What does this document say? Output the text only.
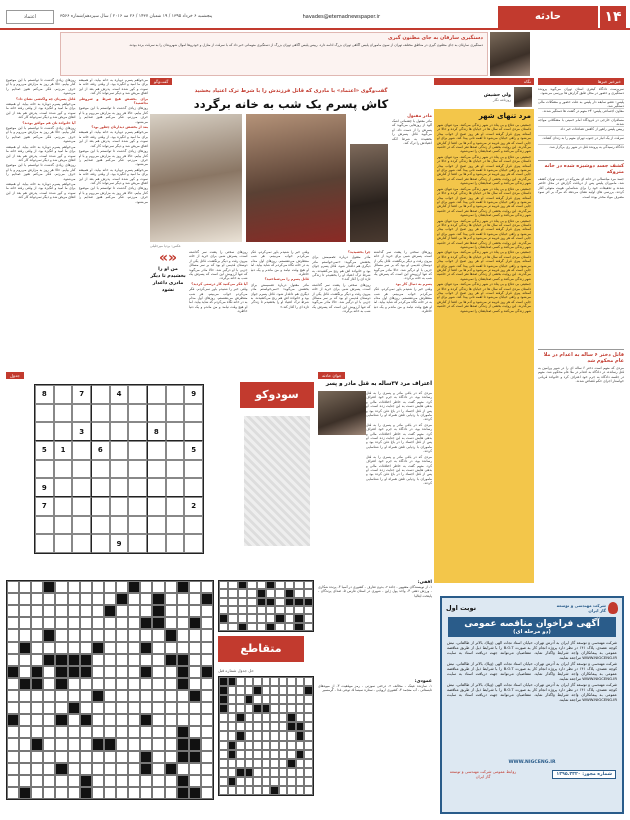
۱۴
حادثه
havades@etemadnewspaper.ir
پنجشنبه ۶ خرداد ۱۳۹۵ / ۱۹ شعبان ۱۴۳۷ / ۲۶ مه ۲۰۱۶ / سال سیزدهم/شماره ۳۵۶۶
اعتماد
دستگیری سارقان به جای مظنون گیری
دستگیری سارقان به جای مظنون گیری در مناطق مختلف تهران از سوی ماموران پلیس آگاهی تهران بزرگ ادامه دارد. رییس پلیس آگاهی تهران بزرگ از دستگیری متهمانی خبر داد که با سرقت از منازل و خودروها اموال شهروندان را به سرقت برده بودند.
خبرخبر خبرها
سرپرست دادگاه کیفری استان تهران می‌گوید پرونده دستگیری و حضور در محل طبق گزارش ها بررسی می‌شود.
پلیس: عضو سابقه دار پلیس به علت حضور و مشکلات مالی دستگیر شد.
معاون اجتماعی پلیس: ۲۴ متهم در گشت ها دستگیر شدند.
مسافران خارجی در فرودگاه امام خمینی با مشکلاتی مواجه شدند.
رییس پلیس راهور از کاهش تصادفات خبر داد.
سرقت از یک انبار در جنوب تهران متهم را به زندان کشاند.
دادگاه رسیدگی به پرونده قتل در شهر ری برگزار شد.
کشف جسد دوشیزه شده در خانه متروکه
جسد مرد میانسالی در خانه ای متروکه در جنوب تهران کشف شد. ماموران پلیس پس از دریافت گزارش در محل حاضر شدند و تحقیقات خود را برای شناسایی هویت متوفی آغاز کردند. بررسی های اولیه نشان می‌دهد که مرگ بر اثر سوء مصرف مواد مخدر بوده است.
قاتل دختر ۶ ساله به اعدام در ملا عام محکوم شد
مردی که متهم است دختر ۶ ساله ای را در شهر ورامین به قتل رسانده، در دادگاه به اعدام در ملا عام محکوم شد. متهم در جلسه دادگاه به جرم خود اعتراف کرد و خانواده قربانی خواستار اجرای حکم قصاص شدند.
نگاه
ولی حشیش
روزنامه نگار
مرد تنهای شهر

جمعیتی بی دفاع و بی پناه در شهر زندگی می‌کنند. مرد تنهای شهر داستان مردی است که سال ها در خیابان ها زندگی کرده و حالا در آستانه پیری قرار گرفته است. او هر روز صبح از خواب بیدار می‌شود و راهی خیابان می‌شود تا لقمه نانی پیدا کند. شهر برای او جایی است که هر روز غریبه تر می‌شود و آدم ها بی اعتنا از کنارش می‌گذرند. این روایت بخشی از زندگی صدها نفر است که در حاشیه شهر زندگی می‌کنند و کسی صدایشان را نمی‌شنود.

جمعیتی بی دفاع و بی پناه در شهر زندگی می‌کنند. مرد تنهای شهر داستان مردی است که سال ها در خیابان ها زندگی کرده و حالا در آستانه پیری قرار گرفته است. او هر روز صبح از خواب بیدار می‌شود و راهی خیابان می‌شود تا لقمه نانی پیدا کند. شهر برای او جایی است که هر روز غریبه تر می‌شود و آدم ها بی اعتنا از کنارش می‌گذرند. این روایت بخشی از زندگی صدها نفر است که در حاشیه شهر زندگی می‌کنند و کسی صدایشان را نمی‌شنود.

جمعیتی بی دفاع و بی پناه در شهر زندگی می‌کنند. مرد تنهای شهر داستان مردی است که سال ها در خیابان ها زندگی کرده و حالا در آستانه پیری قرار گرفته است. او هر روز صبح از خواب بیدار می‌شود و راهی خیابان می‌شود تا لقمه نانی پیدا کند. شهر برای او جایی است که هر روز غریبه تر می‌شود و آدم ها بی اعتنا از کنارش می‌گذرند. این روایت بخشی از زندگی صدها نفر است که در حاشیه شهر زندگی می‌کنند و کسی صدایشان را نمی‌شنود.

جمعیتی بی دفاع و بی پناه در شهر زندگی می‌کنند. مرد تنهای شهر داستان مردی است که سال ها در خیابان ها زندگی کرده و حالا در آستانه پیری قرار گرفته است. او هر روز صبح از خواب بیدار می‌شود و راهی خیابان می‌شود تا لقمه نانی پیدا کند. شهر برای او جایی است که هر روز غریبه تر می‌شود و آدم ها بی اعتنا از کنارش می‌گذرند. این روایت بخشی از زندگی صدها نفر است که در حاشیه شهر زندگی می‌کنند و کسی صدایشان را نمی‌شنود.

جمعیتی بی دفاع و بی پناه در شهر زندگی می‌کنند. مرد تنهای شهر داستان مردی است که سال ها در خیابان ها زندگی کرده و حالا در آستانه پیری قرار گرفته است. او هر روز صبح از خواب بیدار می‌شود و راهی خیابان می‌شود تا لقمه نانی پیدا کند. شهر برای او جایی است که هر روز غریبه تر می‌شود و آدم ها بی اعتنا از کنارش می‌گذرند. این روایت بخشی از زندگی صدها نفر است که در حاشیه شهر زندگی می‌کنند و کسی صدایشان را نمی‌شنود.

جمعیتی بی دفاع و بی پناه در شهر زندگی می‌کنند. مرد تنهای شهر داستان مردی است که سال ها در خیابان ها زندگی کرده و حالا در آستانه پیری قرار گرفته است. او هر روز صبح از خواب بیدار می‌شود و راهی خیابان می‌شود تا لقمه نانی پیدا کند. شهر برای او جایی است که هر روز غریبه تر می‌شود و آدم ها بی اعتنا از کنارش می‌گذرند. این روایت بخشی از زندگی صدها نفر است که در حاشیه شهر زندگی می‌کنند و کسی صدایشان را نمی‌شنود.

گفت‌وگو
گفت‌وگوی «اعتماد» با مادری که قاتل فرزندش را با شرط ترک اعتیاد بخشید
کاش پسرم یک شب به خانه برگردد
مادر مقتول
مادر مقتول با چشمانی اشک آلود از روزهایی می‌گوید که پسرش را از دست داد. او می‌گوید قاتل پسرش را بخشیده به شرط آنکه اعتیادش را ترک کند.
عکس: بردیا میرجلیلی

روزهای سختی را پشت سر گذاشته است. پسرش شبی برای خرید از خانه بیرون رفت و دیگر برنگشت. قاتل یکی از دوستان قدیمی او بود که بر سر مسائل جزیی با او درگیر شد. حالا مادر می‌گوید که تنها آرزویش این است که پسرش یک شب به خانه برگردد.

پسرم به دنبال کار بود

وقتی خبر را شنیدم باور نمی‌کردم. فکر می‌کردم خواب می‌بینم. هر شب منتظرش می‌نشستم. روزهای اول مدام به در خانه نگاه می‌کردم که شاید بیاید. اما او هیچ وقت نیامد و من ماندم و یک دنیا خاطره.

چرا بخشیدید؟

مادر مقتول درباره تصمیمش برای بخشش می‌گوید: «نمی‌خواستم مادر دیگری هم داغدار شود. قاتل پسرم جوان بود و خانواده اش هم رنج می‌کشیدند. به شرط ترک اعتیاد او را بخشیدم تا زندگی تازه ای را آغاز کند.»

روزهای سختی را پشت سر گذاشته است. پسرش شبی برای خرید از خانه بیرون رفت و دیگر برنگشت. قاتل یکی از دوستان قدیمی او بود که بر سر مسائل جزیی با او درگیر شد. حالا مادر می‌گوید که تنها آرزویش این است که پسرش یک شب به خانه برگردد.

وقتی خبر را شنیدم باور نمی‌کردم. فکر می‌کردم خواب می‌بینم. هر شب منتظرش می‌نشستم. روزهای اول مدام به در خانه نگاه می‌کردم که شاید بیاید. اما او هیچ وقت نیامد و من ماندم و یک دنیا خاطره.

قاتل پسرم را می‌شناختید؟

مادر مقتول درباره تصمیمش برای بخشش می‌گوید: «نمی‌خواستم مادر دیگری هم داغدار شود. قاتل پسرم جوان بود و خانواده اش هم رنج می‌کشیدند. به شرط ترک اعتیاد او را بخشیدم تا زندگی تازه ای را آغاز کند.»

روزهای سختی را پشت سر گذاشته است. پسرش شبی برای خرید از خانه بیرون رفت و دیگر برنگشت. قاتل یکی از دوستان قدیمی او بود که بر سر مسائل جزیی با او درگیر شد. حالا مادر می‌گوید که تنها آرزویش این است که پسرش یک شب به خانه برگردد.

آیا فکر می‌کنید کار درستی کردید؟

وقتی خبر را شنیدم باور نمی‌کردم. فکر می‌کردم خواب می‌بینم. هر شب منتظرش می‌نشستم. روزهای اول مدام به در خانه نگاه می‌کردم که شاید بیاید. اما او هیچ وقت نیامد و من ماندم و یک دنیا خاطره.

«»
من او را بخشیدم تا دیگر مادری داغدار نشود

می‌خواهم پسرم دوباره به خانه بیاید. او همیشه برای ما امید و انگیزه بود. از وقتی رفته خانه ما سوت و کور شده است. پدرش هم بعد از این اتفاق مریض شد و دیگر نمی‌تواند کار کند.

برای بخشش هیچ شرط و شروطی نداشتید؟

روزهای زیادی گذشت تا توانستم با این موضوع کنار بیایم. حالا هر روز به مزارش می‌روم و با او حرف می‌زنم. فکر می‌کنم هنوز صدایم را می‌شنود.

بعد از بخشش دیدارتان چطور بود؟

می‌خواهم پسرم دوباره به خانه بیاید. او همیشه برای ما امید و انگیزه بود. از وقتی رفته خانه ما سوت و کور شده است. پدرش هم بعد از این اتفاق مریض شد و دیگر نمی‌تواند کار کند.

روزهای زیادی گذشت تا توانستم با این موضوع کنار بیایم. حالا هر روز به مزارش می‌روم و با او حرف می‌زنم. فکر می‌کنم هنوز صدایم را می‌شنود.

می‌خواهم پسرم دوباره به خانه بیاید. او همیشه برای ما امید و انگیزه بود. از وقتی رفته خانه ما سوت و کور شده است. پدرش هم بعد از این اتفاق مریض شد و دیگر نمی‌تواند کار کند.

روزهای زیادی گذشت تا توانستم با این موضوع کنار بیایم. حالا هر روز به مزارش می‌روم و با او حرف می‌زنم. فکر می‌کنم هنوز صدایم را می‌شنود.

روزهای زیادی گذشت تا توانستم با این موضوع کنار بیایم. حالا هر روز به مزارش می‌روم و با او حرف می‌زنم. فکر می‌کنم هنوز صدایم را می‌شنود.

قاتل پسرتان چه واکنشی نشان داد؟

می‌خواهم پسرم دوباره به خانه بیاید. او همیشه برای ما امید و انگیزه بود. از وقتی رفته خانه ما سوت و کور شده است. پدرش هم بعد از این اتفاق مریض شد و دیگر نمی‌تواند کار کند.

آیا خانواده تان هم موافق بودند؟

روزهای زیادی گذشت تا توانستم با این موضوع کنار بیایم. حالا هر روز به مزارش می‌روم و با او حرف می‌زنم. فکر می‌کنم هنوز صدایم را می‌شنود.

می‌خواهم پسرم دوباره به خانه بیاید. او همیشه برای ما امید و انگیزه بود. از وقتی رفته خانه ما سوت و کور شده است. پدرش هم بعد از این اتفاق مریض شد و دیگر نمی‌تواند کار کند.

روزهای زیادی گذشت تا توانستم با این موضوع کنار بیایم. حالا هر روز به مزارش می‌روم و با او حرف می‌زنم. فکر می‌کنم هنوز صدایم را می‌شنود.

می‌خواهم پسرم دوباره به خانه بیاید. او همیشه برای ما امید و انگیزه بود. از وقتی رفته خانه ما سوت و کور شده است. پدرش هم بعد از این اتفاق مریض شد و دیگر نمی‌تواند کار کند.

جوان حادثه
اعتراف مرد ۳۷ساله به قتل مادر و پسر

مردی که در باغی مادر و پسری را به قتل رسانده بود، در دادگاه به جرم خود اعتراف کرد. متهم گفت به خاطر اختلافات مالی و بدهی هایش دست به این جنایت زده است. او پس از قتل اجساد را در باغ دفن کرده بود و ماموران با ردیابی تلفن همراه او را شناسایی کردند.

مردی که در باغی مادر و پسری را به قتل رسانده بود، در دادگاه به جرم خود اعتراف کرد. متهم گفت به خاطر اختلافات مالی و بدهی هایش دست به این جنایت زده است. او پس از قتل اجساد را در باغ دفن کرده بود و ماموران با ردیابی تلفن همراه او را شناسایی کردند.

مردی که در باغی مادر و پسری را به قتل رسانده بود، در دادگاه به جرم خود اعتراف کرد. متهم گفت به خاطر اختلافات مالی و بدهی هایش دست به این جنایت زده است. او پس از قتل اجساد را در باغ دفن کرده بود و ماموران با ردیابی تلفن همراه او را شناسایی کردند.

جدول
سودوکو
9
4
7
8
8
3
5
6
1
5
9
2
7
9
متقاطع
افقی:
۱- از نویسندگان مشهور - جاده ۲- بدون تعارف - کشوری در آسیا ۳- پرنده شکاری - ورزش ذهنی ۴- واحد پول ژاپن - شهری در استان فارس ۵- صدای پرندگان - پایتخت ایتالیا
عمودی:
۱- سازنده عینک - مخالف ۲- درختی سوزنی - رمز موفقیت ۳- از میوه‌های تابستانی - آب منجمد ۴- کشوری اروپایی - ستاره سینما ۵- نوعی غذا - گرمسیر
حل جدول شماره قبل
شرکت مهندسی و توسعه گاز ایران
نوبت اول
آگهی فراخوان مناقصه عمومی
(دو مرحله ای)

شرکت مهندسی و توسعه گاز ایران به آدرس تهران، خیابان استاد نجات الهی (ویلا)، بالاتر از طالقانی، نبش کوچه عضدی، پلاک ۱۴۱ در نظر دارد پروژه انجام کار به صورت B.O.T را با شرایط ذیل از طریق مناقصه عمومی به پیمانکاران واجد شرایط واگذار نماید. متقاضیان می‌توانند جهت دریافت اسناد به سایت WWW.NIGCENG.IR مراجعه نمایند.

شرکت مهندسی و توسعه گاز ایران به آدرس تهران، خیابان استاد نجات الهی (ویلا)، بالاتر از طالقانی، نبش کوچه عضدی، پلاک ۱۴۱ در نظر دارد پروژه انجام کار به صورت B.O.T را با شرایط ذیل از طریق مناقصه عمومی به پیمانکاران واجد شرایط واگذار نماید. متقاضیان می‌توانند جهت دریافت اسناد به سایت WWW.NIGCENG.IR مراجعه نمایند.

شرکت مهندسی و توسعه گاز ایران به آدرس تهران، خیابان استاد نجات الهی (ویلا)، بالاتر از طالقانی، نبش کوچه عضدی، پلاک ۱۴۱ در نظر دارد پروژه انجام کار به صورت B.O.T را با شرایط ذیل از طریق مناقصه عمومی به پیمانکاران واجد شرایط واگذار نماید. متقاضیان می‌توانند جهت دریافت اسناد به سایت WWW.NIGCENG.IR مراجعه نمایند.

WWW.NIGCENG.IR
شماره مجوز: ۱۳۹۵.۳۳۲۰
روابط عمومی شرکت مهندسی و توسعه گاز ایران
